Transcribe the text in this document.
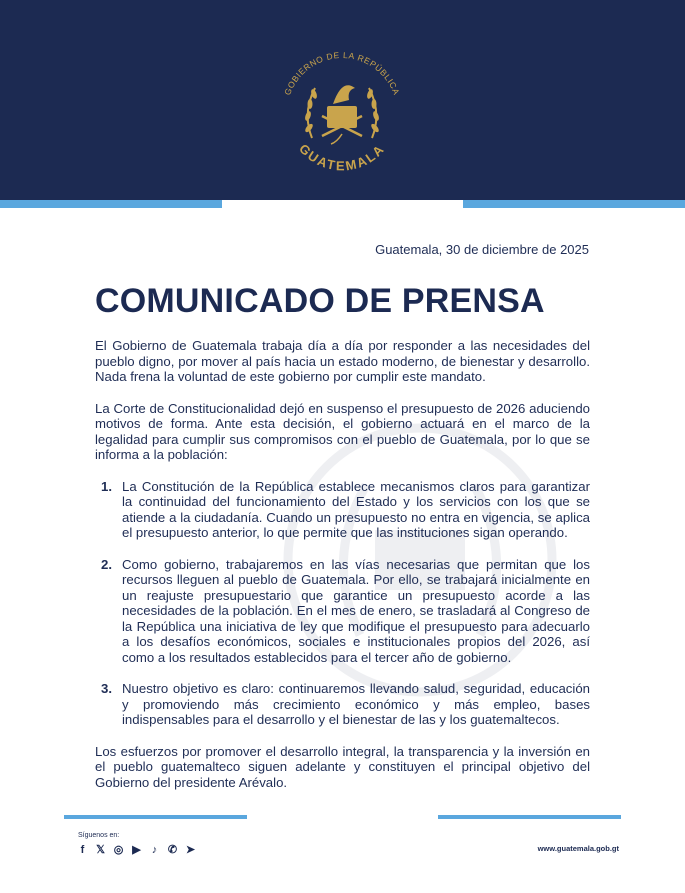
GOBIERNO DE LA REPÚBLICA
GUATEMALA
Guatemala, 30 de diciembre de 2025
COMUNICADO DE PRENSA

El Gobierno de Guatemala trabaja día a día por responder a las necesidades del pueblo digno, por mover al país hacia un estado moderno, de bienestar y desarrollo. Nada frena la voluntad de este gobierno por cumplir este mandato.

La Corte de Constitucionalidad dejó en suspenso el presupuesto de 2026 aduciendo motivos de forma. Ante esta decisión, el gobierno actuará en el marco de la legalidad para cumplir sus compromisos con el pueblo de Guatemala, por lo que se informa a la población:

1. La Constitución de la República establece mecanismos claros para garantizar la continuidad del funcionamiento del Estado y los servicios con los que se atiende a la ciudadanía. Cuando un presupuesto no entra en vigencia, se aplica el presupuesto anterior, lo que permite que las instituciones sigan operando.
2. Como gobierno, trabajaremos en las vías necesarias que permitan que los recursos lleguen al pueblo de Guatemala. Por ello, se trabajará inicialmente en un reajuste presupuestario que garantice un presupuesto acorde a las necesidades de la población. En el mes de enero, se trasladará al Congreso de la República una iniciativa de ley que modifique el presupuesto para adecuarlo a los desafíos económicos, sociales e institucionales propios del 2026, así como a los resultados establecidos para el tercer año de gobierno.
3. Nuestro objetivo es claro: continuaremos llevando salud, seguridad, educación y promoviendo más crecimiento económico y más empleo, bases indispensables para el desarrollo y el bienestar de las y los guatemaltecos.

Los esfuerzos por promover el desarrollo integral, la transparencia y la inversión en el pueblo guatemalteco siguen adelante y constituyen el principal objetivo del Gobierno del presidente Arévalo.

Síguenos en:
f	𝕏 ◎ ▶	♪ ✆ ➤	www.guatemala.gob.gt
